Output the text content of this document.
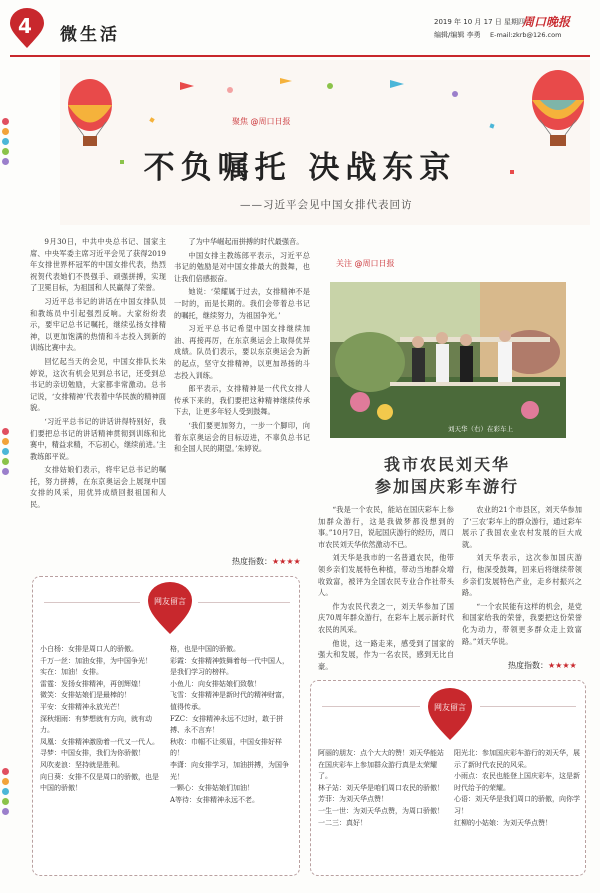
4 微生活
2019 年 10 月 17 日 星期四
编辑/编辑 李勇 E-mail:zkrb@126.com
周口晚报
聚焦 @周口日报
不负嘱托 决战东京
——习近平会见中国女排代表回访

9月30日，中共中央总书记、国家主席、中央军委主席习近平会见了获得2019年女排世界杯冠军的中国女排代表，热烈祝贺代表她们不畏强手、顽强拼搏，实现了卫冕目标，为祖国和人民赢得了荣誉。

习近平总书记的讲话在中国女排队员和教练员中引起强烈反响。大家纷纷表示，要牢记总书记嘱托，继续弘扬女排精神，以更加饱满的热情和斗志投入到新的训练比赛中去。

回忆起当天的会见，中国女排队长朱婷说，这次有机会见到总书记，还受到总书记的亲切勉励，大家都非常激动。总书记说，‘女排精神’代表着中华民族的精神面貌。

‘习近平总书记的讲话讲得特别好，我们要把总书记的讲话精神贯彻到训练和比赛中，精益求精，不忘初心，继续前进。’主教练郎平说。

女排姑娘们表示，将牢记总书记的嘱托，努力拼搏，在东京奥运会上展现中国女排的风采，用优异成绩回报祖国和人民。

了为中华崛起而拼搏的时代最强音。

中国女排主教练郎平表示，习近平总书记的勉励是对中国女排最大的鼓舞，也让我们倍感振奋。

她说：‘荣耀属于过去，女排精神不是一时的，而是长期的。我们会带着总书记的嘱托，继续努力，为祖国争光。’

习近平总书记希望中国女排继续加油、再接再厉，在东京奥运会上取得优异成绩。队员们表示，要以东京奥运会为新的起点，坚守女排精神，以更加昂扬的斗志投入训练。

郎平表示，女排精神是一代代女排人传承下来的，我们要把这种精神继续传承下去，让更多年轻人受到鼓舞。

‘我们要更加努力，一步一个脚印，向着东京奥运会的目标迈进，不辜负总书记和全国人民的期望。’朱婷说。

热度指数：★★★★
关注 @周口日报
刘天华（右）在彩车上
我市农民刘天华
参加国庆彩车游行

“我是一个农民，能站在国庆彩车上参加群众游行，这是我做梦都没想到的事。”10月7日，说起国庆游行的经历，周口市农民刘天华依然激动不已。

刘天华是我市的一名普通农民，他带领乡亲们发展特色种植，带动当地群众增收致富，被评为全国农民专业合作社带头人。

作为农民代表之一，刘天华参加了国庆70周年群众游行，在彩车上展示新时代农民的风采。

他说，这一路走来，感受到了国家的强大和发展，作为一名农民，感到无比自豪。

农业的21个市县区，刘天华参加了‘三农’彩车上的群众游行，通过彩车展示了我国农业农村发展的巨大成就。

刘天华表示，这次参加国庆游行，他深受鼓舞，回来后将继续带领乡亲们发展特色产业，走乡村振兴之路。

“一个农民能有这样的机会，是党和国家给我的荣誉，我要把这份荣誉化为动力，带领更多群众走上致富路。”刘天华说。

热度指数：★★★★
网友留言

小白杨：女排是周口人的骄傲。

千万一丝：加油女排，为中国争光！

实在：加油！女排。

雷霆：发扬女排精神，再创辉煌！

微笑：女排姑娘们是最棒的！

平安：女排精神永放光芒！

深秋细雨：有梦想就有方向，就有动力。

凤凰：女排精神激励着一代又一代人。

寻梦：中国女排，我们为你骄傲！

风吹麦浪：坚持就是胜利。

向日葵：女排不仅是周口的骄傲，也是中国的骄傲！

格，也是中国的骄傲。

彩霞：女排精神鼓舞着每一代中国人，是我们学习的榜样。

小鱼儿：向女排姑娘们致敬！

飞雪：女排精神是新时代的精神财富，值得传承。

FZC：女排精神永远不过时，敢于拼搏、永不言弃！

秋收：巾帼不让须眉，中国女排好样的！

李潇：向女排学习，加油拼搏，为国争光！

一颗心：女排姑娘们加油！

A等待：女排精神永远不老。

网友留言

阿丽的朋友：点个大大的赞！刘天华能站在国庆彩车上参加群众游行真是太荣耀了。

林子站：刘天华是咱们周口农民的骄傲！

芳菲：为刘天华点赞！

一生一世：为刘天华点赞，为周口骄傲！

一二三：真好！

阳光北：参加国庆彩车游行的刘天华，展示了新时代农民的风采。

小雨点：农民也能登上国庆彩车，这是新时代给予的荣耀。

心语：刘天华是我们周口的骄傲，向你学习！

红柳的小姑娘：为刘天华点赞！
